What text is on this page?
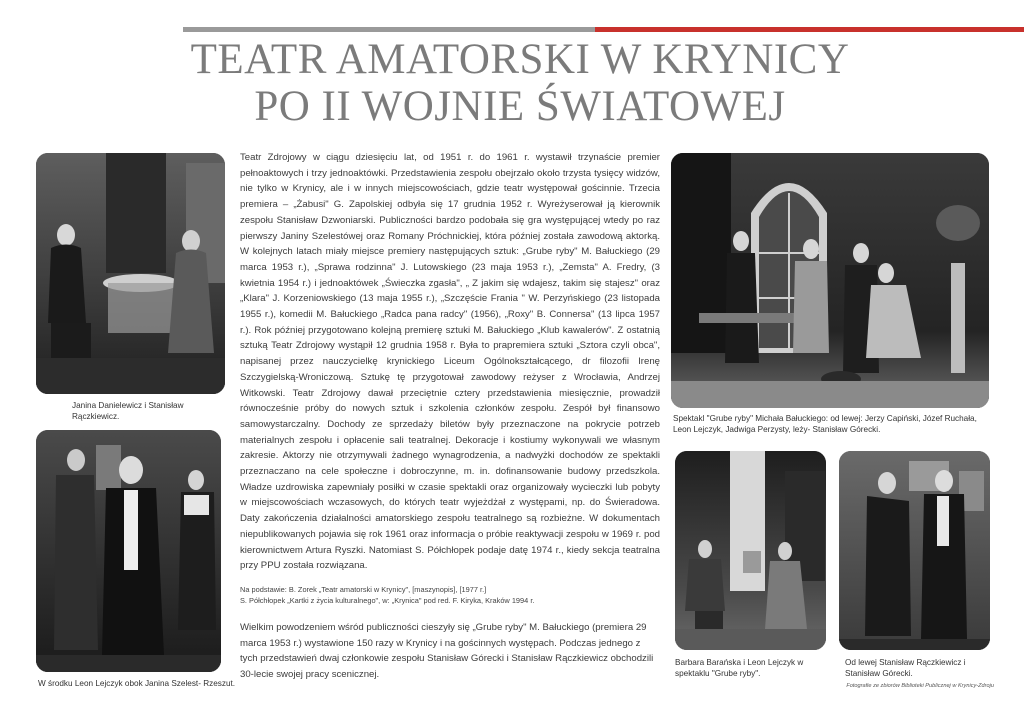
TEATR AMATORSKI W KRYNICY
PO II WOJNIE ŚWIATOWEJ
Janina Danielewicz i Stanisław Rączkiewicz.
W środku Leon Lejczyk obok Janina Szelest- Rzeszut.
Teatr Zdrojowy w ciągu dziesięciu lat, od 1951 r. do 1961 r. wystawił trzynaście premier pełnoaktowych i trzy jednoaktówki. Przedstawienia zespołu obejrzało około trzysta tysięcy widzów, nie tylko w Krynicy, ale i w innych miejscowościach, gdzie teatr występował gościnnie. Trzecia premiera – „Żabusi" G. Zapolskiej odbyła się 17 grudnia 1952 r. Wyreżyserował ją kierownik zespołu Stanisław Dzwoniarski. Publiczności bardzo podobała się gra występującej wtedy po raz pierwszy Janiny Szelestówej oraz Romany Próchnickiej, która później została zawodową aktorką. W kolejnych latach miały miejsce premiery następujących sztuk: „Grube ryby" M. Bałuckiego (29 marca 1953 r.), „Sprawa rodzinna" J. Lutowskiego (23 maja 1953 r.), „Zemsta" A. Fredry, (3 kwietnia 1954 r.) i jednoaktówek „Świeczka zgasła", „ Z jakim się wdajesz, takim się stajesz" oraz „Klara" J. Korzeniowskiego (13 maja 1955 r.), „Szczęście Frania " W. Perzyńskiego (23 listopada 1955 r.), komedii M. Bałuckiego „Radca pana radcy" (1956), „Roxy" B. Connersa" (13 lipca 1957 r.). Rok później przygotowano kolejną premierę sztuki M. Bałuckiego „Klub kawalerów". Z ostatnią sztuką Teatr Zdrojowy wystąpił 12 grudnia 1958 r. Była to prapremiera sztuki „Sztora czyli obca", napisanej przez nauczycielkę krynickiego Liceum Ogólnokształcącego, dr filozofii Irenę Szczygielską-Wroniczową. Sztukę tę przygotował zawodowy reżyser z Wrocławia, Andrzej Witkowski. Teatr Zdrojowy dawał przeciętnie cztery przedstawienia miesięcznie, prowadził równocześnie próby do nowych sztuk i szkolenia członków zespołu. Zespół był finansowo samowystarczalny. Dochody ze sprzedaży biletów były przeznaczone na pokrycie potrzeb materialnych zespołu i opłacenie sali teatralnej. Dekoracje i kostiumy wykonywali we własnym zakresie. Aktorzy nie otrzymywali żadnego wynagrodzenia, a nadwyżki dochodów ze spektakli przeznaczano na cele społeczne i dobroczynne, m. in. dofinansowanie budowy przedszkola. Władze uzdrowiska zapewniały posiłki w czasie spektakli oraz organizowały wycieczki lub pobyty w miejscowościach wczasowych, do których teatr wyjeżdżał z występami, np. do Świeradowa. Daty zakończenia działalności amatorskiego zespołu teatralnego są rozbieżne. W dokumentach niepublikowanych pojawia się rok 1961 oraz informacja o próbie reaktywacji zespołu w 1969 r. pod kierownictwem Artura Ryszki. Natomiast S. Półchłopek podaje datę 1974 r., kiedy sekcja teatralna przy PPU została rozwiązana.
Na podstawie: B. Zorek „Teatr amatorski w Krynicy", [maszynopis], [1977 r.]
S. Półchłopek „Kartki z życia kulturalnego", w: „Krynica" pod red. F. Kiryka, Kraków 1994 r.
Wielkim powodzeniem wśród publiczności cieszyły się „Grube ryby" M. Bałuckiego (premiera 29 marca 1953 r.) wystawione 150 razy w Krynicy i na gościnnych występach. Podczas jednego z tych przedstawień dwaj członkowie zespołu Stanisław Górecki i Stanisław Rączkiewicz obchodzili 30-lecie swojej pracy scenicznej.
Spektakl "Grube ryby" Michała Bałuckiego: od lewej: Jerzy Capiński, Józef Ruchała, Leon Lejczyk, Jadwiga Perzysty, leży- Stanisław Górecki.
Barbara Barańska i Leon Lejczyk w spektaklu "Grube ryby".
Od lewej Stanisław Rączkiewicz i Stanisław Górecki.
Fotografie ze zbiorów Biblioteki Publicznej w Krynicy-Zdroju
